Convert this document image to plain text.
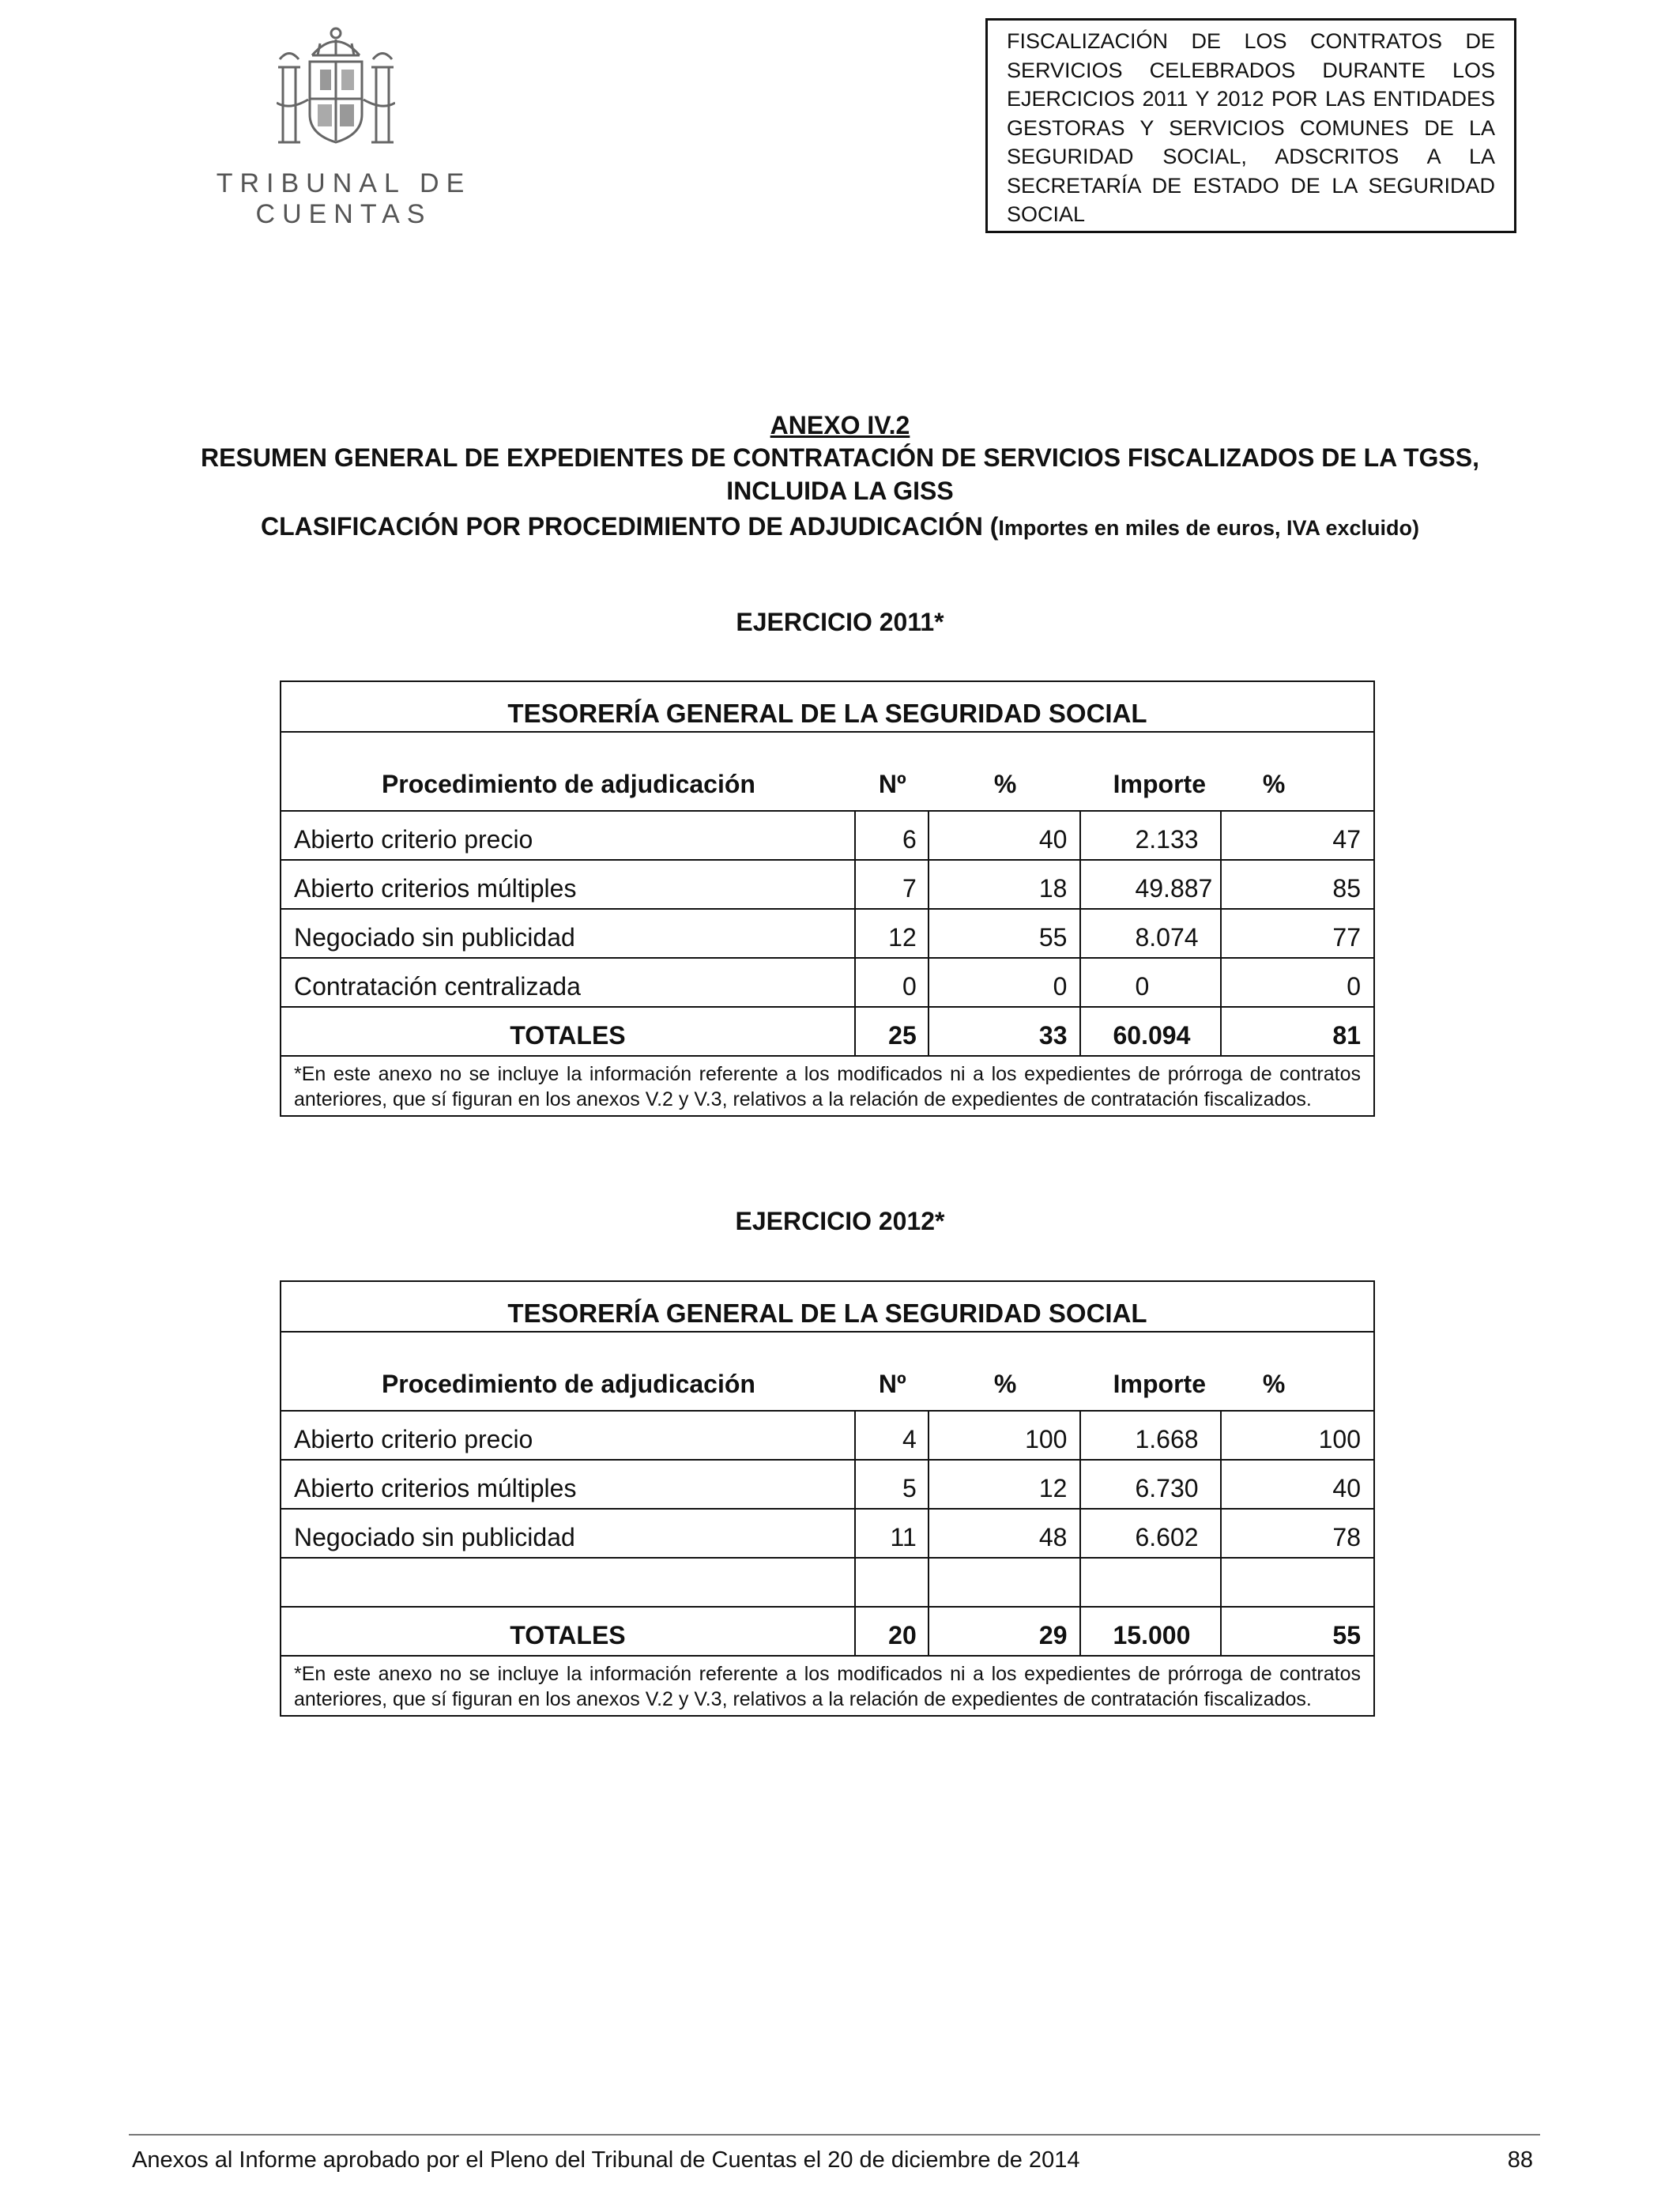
TRIBUNAL DE CUENTAS
FISCALIZACIÓN DE LOS CONTRATOS DE SERVICIOS CELEBRADOS DURANTE LOS EJERCICIOS 2011 Y 2012 POR LAS ENTIDADES GESTORAS Y SERVICIOS COMUNES DE LA SEGURIDAD SOCIAL, ADSCRITOS A LA SECRETARÍA DE ESTADO DE LA SEGURIDAD SOCIAL
ANEXO IV.2
RESUMEN GENERAL DE EXPEDIENTES DE CONTRATACIÓN DE SERVICIOS FISCALIZADOS DE LA TGSS,
INCLUIDA LA GISS
CLASIFICACIÓN POR PROCEDIMIENTO DE ADJUDICACIÓN (Importes en miles de euros, IVA excluido)
EJERCICIO 2011*
TESORERÍA GENERAL DE LA SEGURIDAD SOCIAL
Procedimiento de adjudicación	Nº	%	Importe	%
Abierto criterio precio	6	40	2.133	47
Abierto criterios múltiples	7	18	49.887	85
Negociado sin publicidad	12	55	8.074	77
Contratación centralizada	0	0	0	0
TOTALES	25	33	60.094	81
*En este anexo no se incluye la información referente a los modificados ni a los expedientes de prórroga de contratos anteriores, que sí figuran en los anexos V.2 y V.3, relativos a la relación de expedientes de contratación fiscalizados.
EJERCICIO 2012*
TESORERÍA GENERAL DE LA SEGURIDAD SOCIAL
Procedimiento de adjudicación	Nº	%	Importe	%
Abierto criterio precio	4	100	1.668	100
Abierto criterios múltiples	5	12	6.730	40
Negociado sin publicidad	11	48	6.602	78
TOTALES	20	29	15.000	55
*En este anexo no se incluye la información referente a los modificados ni a los expedientes de prórroga de contratos anteriores, que sí figuran en los anexos V.2 y V.3, relativos a la relación de expedientes de contratación fiscalizados.
Anexos al Informe aprobado por el Pleno del Tribunal de Cuentas el 20 de diciembre de 2014	88
